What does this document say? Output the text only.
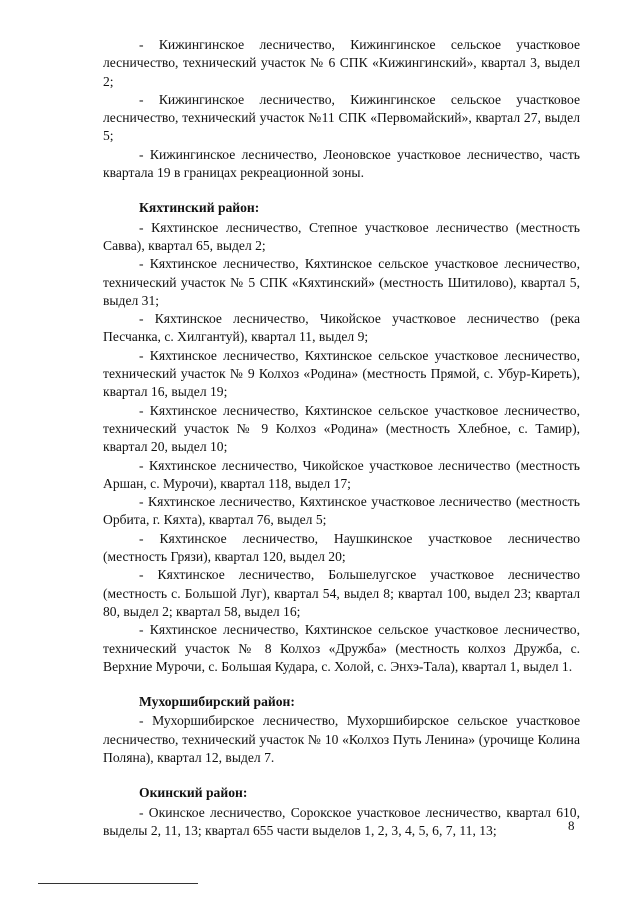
- Кижингинское лесничество, Кижингинское сельское участковое лесничество, технический участок № 6 СПК «Кижингинский», квартал 3, выдел 2;

- Кижингинское лесничество, Кижингинское сельское участковое лесничество, технический участок №11 СПК «Первомайский», квартал 27, выдел 5;

- Кижингинское лесничество, Леоновское участковое лесничество, часть квартала 19 в границах рекреационной зоны.

Кяхтинский район:

- Кяхтинское лесничество, Степное участковое лесничество (местность Савва), квартал 65, выдел 2;

- Кяхтинское лесничество, Кяхтинское сельское участковое лесничество, технический участок № 5 СПК «Кяхтинский» (местность Шитилово), квартал 5, выдел 31;

- Кяхтинское лесничество, Чикойское участковое лесничество (река Песчанка, с. Хилгантуй), квартал 11, выдел 9;

- Кяхтинское лесничество, Кяхтинское сельское участковое лесничество, технический участок № 9 Колхоз «Родина» (местность Прямой, с. Убур-Киреть), квартал 16, выдел 19;

- Кяхтинское лесничество, Кяхтинское сельское участковое лесничество, технический участок № 9 Колхоз «Родина» (местность Хлебное, с. Тамир), квартал 20, выдел 10;

- Кяхтинское лесничество, Чикойское участковое лесничество (местность Аршан, с. Мурочи), квартал 118, выдел 17;

- Кяхтинское лесничество, Кяхтинское участковое лесничество (местность Орбита, г. Кяхта), квартал 76, выдел 5;

- Кяхтинское лесничество, Наушкинское участковое лесничество (местность Грязи), квартал 120, выдел 20;

- Кяхтинское лесничество, Большелугское участковое лесничество (местность с. Большой Луг), квартал 54, выдел 8; квартал 100, выдел 23; квартал 80, выдел 2; квартал 58, выдел 16;

- Кяхтинское лесничество, Кяхтинское сельское участковое лесничество, технический участок № 8 Колхоз «Дружба» (местность колхоз Дружба, с. Верхние Мурочи, с. Большая Кудара, с. Холой, с. Энхэ-Тала), квартал 1, выдел 1.

Мухоршибирский район:

- Мухоршибирское лесничество, Мухоршибирское сельское участковое лесничество, технический участок № 10 «Колхоз Путь Ленина» (урочище Колина Поляна), квартал 12, выдел 7.

Окинский район:

- Окинское лесничество, Сорокское участковое лесничество, квартал 610, выделы 2, 11, 13; квартал 655 части выделов 1, 2, 3, 4, 5, 6, 7, 11, 13;	8
